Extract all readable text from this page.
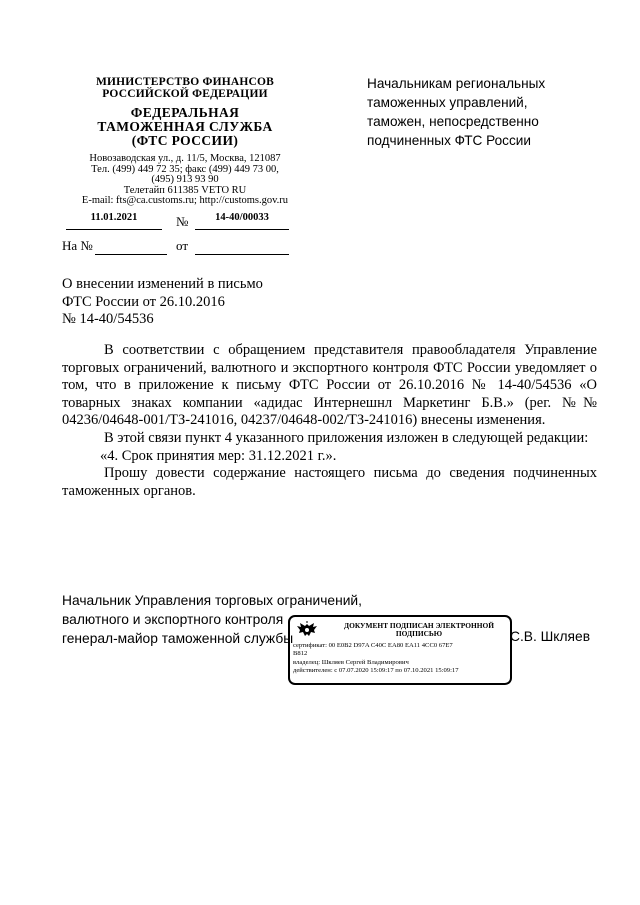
МИНИСТЕРСТВО ФИНАНСОВ
РОССИЙСКОЙ ФЕДЕРАЦИИ
ФЕДЕРАЛЬНАЯ
ТАМОЖЕННАЯ СЛУЖБА
(ФТС РОССИИ)
Новозаводская ул., д. 11/5, Москва, 121087
Тел. (499) 449 72 35; факс (499) 449 73 00,
(495) 913 93 90
Телетайп 611385 VETO RU
E-mail: fts@ca.customs.ru; http://customs.gov.ru
11.01.2021	№	14-40/00033
На №	от
Начальникам региональных
таможенных управлений,
таможен, непосредственно
подчиненных ФТС России
О внесении изменений в письмо
ФТС России от 26.10.2016
№ 14-40/54536

В соответствии с обращением представителя правообладателя Управление торговых ограничений, валютного и экспортного контроля ФТС России уведомляет о том, что в приложение к письму ФТС России от 26.10.2016 № 14-40/54536 «О товарных знаках компании «адидас Интернешнл Маркетинг Б.В.» (рег. №№ 04236/04648-001/ТЗ-241016, 04237/04648-002/ТЗ-241016) внесены изменения.

В этой связи пункт 4 указанного приложения изложен в следующей редакции:

«4. Срок принятия мер: 31.12.2021 г.».

Прошу довести содержание настоящего письма до сведения подчиненных таможенных органов.

Начальник Управления торговых ограничений,
валютного и экспортного контроля
генерал-майор таможенной службы	С.В. Шкляев
ДОКУМЕНТ ПОДПИСАН ЭЛЕКТРОННОЙ
ПОДПИСЬЮ
сертификат: 00 E0B2 D97A C40C EA80 EA11 4CC0 67E7
B812
владелец: Шкляев Сергей Владимирович
действителен: с 07.07.2020 15:09:17 по 07.10.2021 15:09:17
